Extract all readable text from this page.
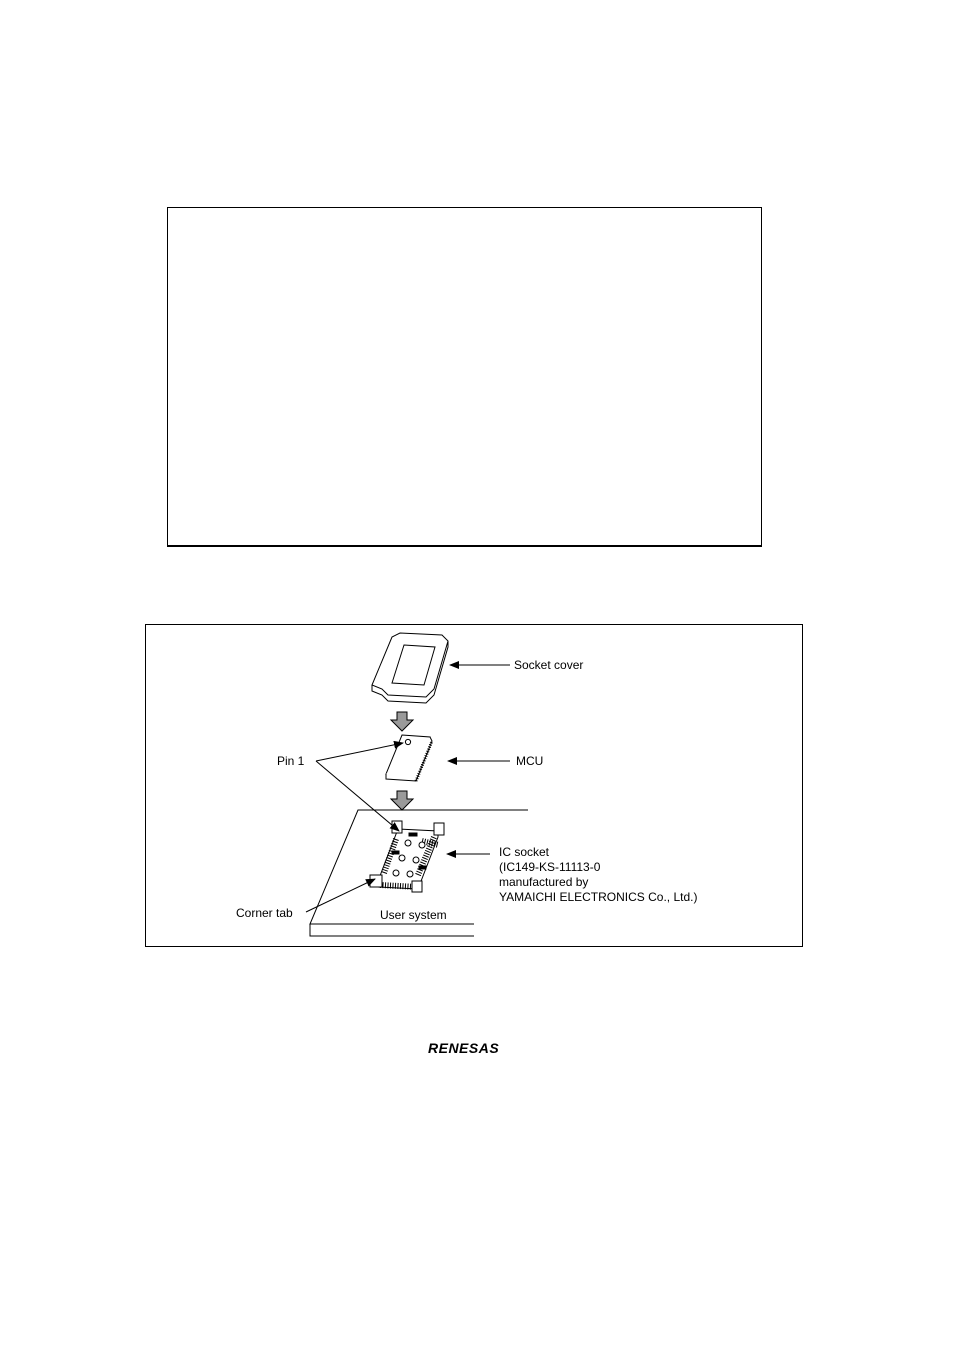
Socket cover
MCU
Pin 1
IC socket
(IC149-KS-11113-0
manufactured by
YAMAICHI ELECTRONICS Co., Ltd.)
Corner tab	User system
RENESAS
